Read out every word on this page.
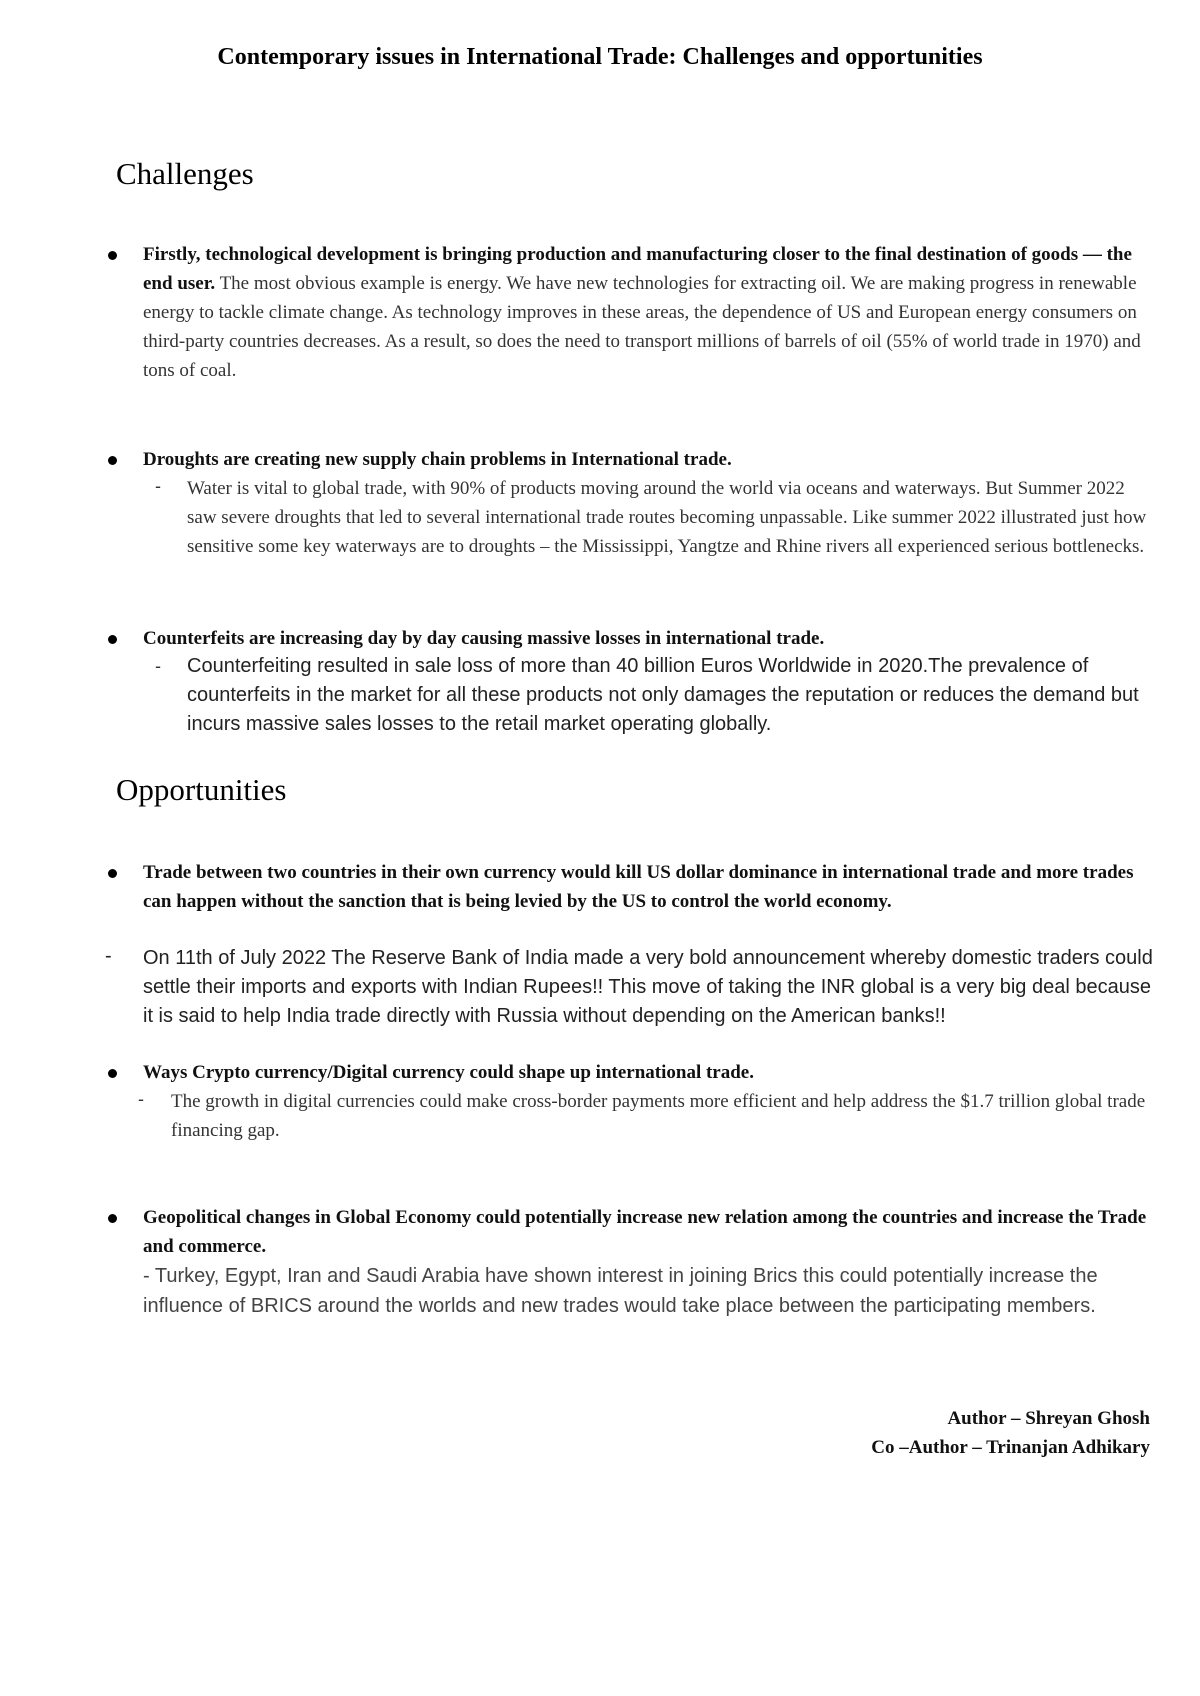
Contemporary issues in International Trade: Challenges and opportunities
Challenges

Firstly, technological development is bringing production and manufacturing closer to the final destination of goods — the end user. The most obvious example is energy. We have new technologies for extracting oil. We are making progress in renewable energy to tackle climate change. As technology improves in these areas, the dependence of US and European energy consumers on third-party countries decreases. As a result, so does the need to transport millions of barrels of oil (55% of world trade in 1970) and tons of coal.

Droughts are creating new supply chain problems in International trade.

- Water is vital to global trade, with 90% of products moving around the world via oceans and waterways. But Summer 2022 saw severe droughts that led to several international trade routes becoming unpassable. Like summer 2022 illustrated just how sensitive some key waterways are to droughts – the Mississippi, Yangtze and Rhine rivers all experienced serious bottlenecks.

Counterfeits are increasing day by day causing massive losses in international trade.

- Counterfeiting resulted in sale loss of more than 40 billion Euros Worldwide in 2020.The prevalence of counterfeits in the market for all these products not only damages the reputation or reduces the demand but incurs massive sales losses to the retail market operating globally.

Opportunities

Trade between two countries in their own currency would kill US dollar dominance in international trade and more trades can happen without the sanction that is being levied by the US to control the world economy.

-	On 11th of July 2022 The Reserve Bank of India made a very bold announcement whereby domestic traders could settle their imports and exports with Indian Rupees!! This move of taking the INR global is a very big deal because it is said to help India trade directly with Russia without depending on the American banks!!

Ways Crypto currency/Digital currency could shape up international trade.

- The growth in digital currencies could make cross-border payments more efficient and help address the $1.7 trillion global trade financing gap.

Geopolitical changes in Global Economy could potentially increase new relation among the countries and increase the Trade and commerce.

- Turkey, Egypt, Iran and Saudi Arabia have shown interest in joining Brics this could potentially increase the influence of BRICS around the worlds and new trades would take place between the participating members.

Author – Shreyan Ghosh
Co –Author – Trinanjan Adhikary
